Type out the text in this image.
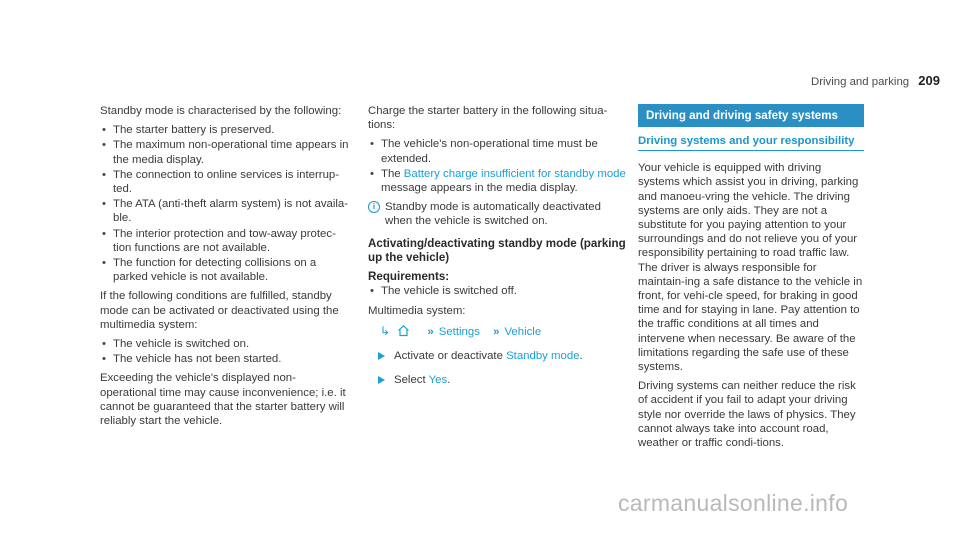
Driving and parking 209

Standby mode is characterised by the following:

• The starter battery is preserved.
• The maximum non-operational time appears in the media display.
• The connection to online services is interrup-ted.
• The ATA (anti-theft alarm system) is not availa-ble.
• The interior protection and tow-away protec-tion functions are not available.
• The function for detecting collisions on a parked vehicle is not available.

If the following conditions are fulfilled, standby mode can be activated or deactivated using the multimedia system:

• The vehicle is switched on.
• The vehicle has not been started.

Exceeding the vehicle's displayed non-operational time may cause inconvenience; i.e. it cannot be guaranteed that the starter battery will reliably start the vehicle.

Charge the starter battery in the following situa-tions:

• The vehicle's non-operational time must be extended.
• The Battery charge insufficient for standby mode message appears in the media display.
i Standby mode is automatically deactivated when the vehicle is switched on.
Activating/deactivating standby mode (parking up the vehicle)
Requirements:
• The vehicle is switched off.

Multimedia system:

↳	» Settings » Vehicle
Activate or deactivate Standby mode.
Select Yes.
Driving and driving safety systems
Driving systems and your responsibility

Your vehicle is equipped with driving systems which assist you in driving, parking and manoeu-vring the vehicle. The driving systems are only aids. They are not a substitute for you paying attention to your surroundings and do not relieve you of your responsibility pertaining to road traffic law. The driver is always responsible for maintain-ing a safe distance to the vehicle in front, for vehi-cle speed, for braking in good time and for staying in lane. Pay attention to the traffic conditions at all times and intervene when necessary. Be aware of the limitations regarding the safe use of these systems.

Driving systems can neither reduce the risk of accident if you fail to adapt your driving style nor override the laws of physics. They cannot always take into account road, weather or traffic condi-tions.

carmanualsonline.info
